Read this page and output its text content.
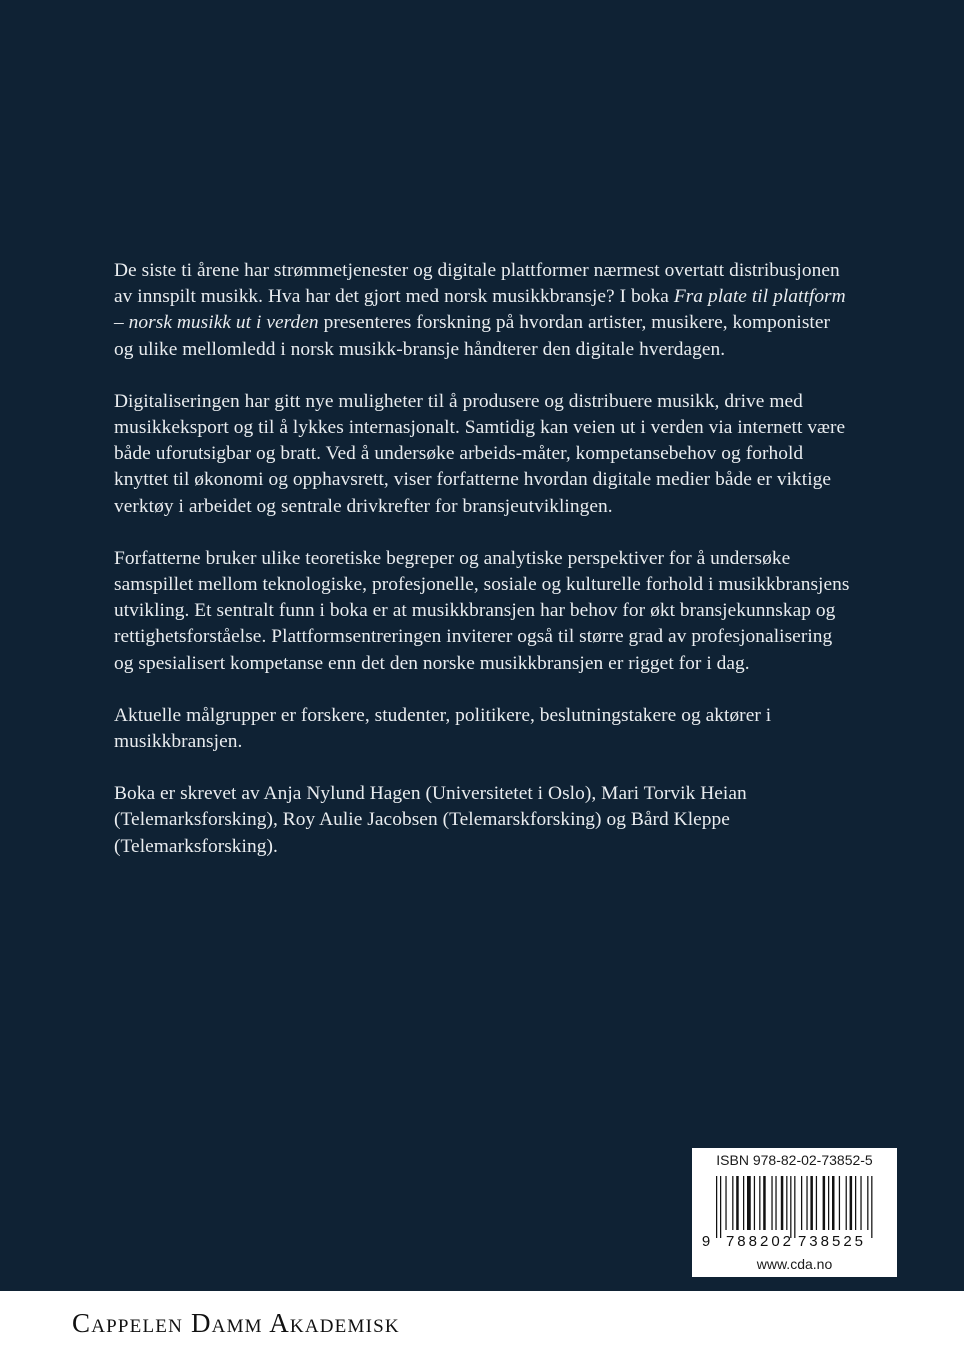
De siste ti årene har strømmetjenester og digitale plattformer nærmest overtatt distribusjonen av innspilt musikk. Hva har det gjort med norsk musikkbransje? I boka Fra plate til plattform – norsk musikk ut i verden presenteres forskning på hvordan artister, musikere, komponister og ulike mellomledd i norsk musikk-bransje håndterer den digitale hverdagen.

Digitaliseringen har gitt nye muligheter til å produsere og distribuere musikk, drive med musikkeksport og til å lykkes internasjonalt. Samtidig kan veien ut i verden via internett være både uforutsigbar og bratt. Ved å undersøke arbeids-måter, kompetansebehov og forhold knyttet til økonomi og opphavsrett, viser forfatterne hvordan digitale medier både er viktige verktøy i arbeidet og sentrale drivkrefter for bransjeutviklingen.

Forfatterne bruker ulike teoretiske begreper og analytiske perspektiver for å undersøke samspillet mellom teknologiske, profesjonelle, sosiale og kulturelle forhold i musikkbransjens utvikling. Et sentralt funn i boka er at musikkbransjen har behov for økt bransjekunnskap og rettighetsforståelse. Plattformsentreringen inviterer også til større grad av profesjonalisering og spesialisert kompetanse enn det den norske musikkbransjen er rigget for i dag.

Aktuelle målgrupper er forskere, studenter, politikere, beslutningstakere og aktører i musikkbransjen.

Boka er skrevet av Anja Nylund Hagen (Universitetet i Oslo), Mari Torvik Heian (Telemarksforsking), Roy Aulie Jacobsen (Telemarskforsking) og Bård Kleppe (Telemarksforsking).

ISBN 978-82-02-73852-5
9 788202 738525
www.cda.no
Cappelen Damm Akademisk
